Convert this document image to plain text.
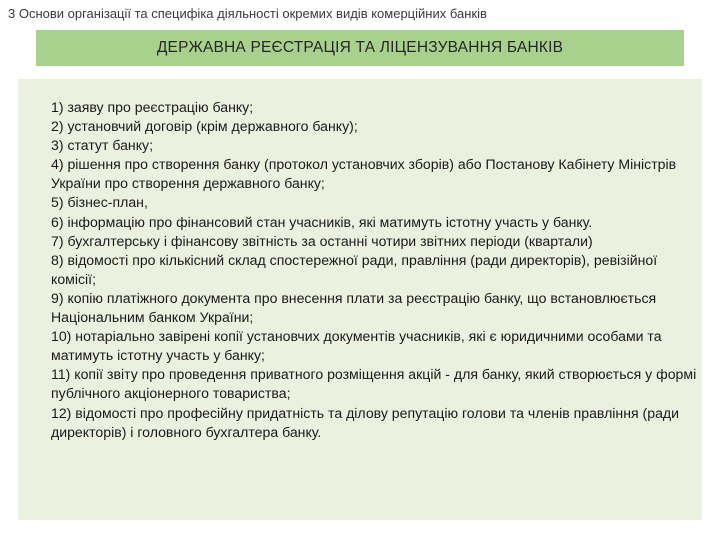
3 Основи організації та специфіка діяльності окремих видів комерційних банків
ДЕРЖАВНА РЕЄСТРАЦІЯ ТА ЛІЦЕНЗУВАННЯ БАНКІВ
1) заяву про реєстрацію банку;
2) установчий договір (крім державного банку);
3) статут банку;
4) рішення про створення банку (протокол установчих зборів) або Постанову Кабінету Міністрів України про створення державного банку;
5) бізнес-план,
6) інформацію про фінансовий стан учасників, які матимуть істотну участь у банку.
7) бухгалтерську і фінансову звітність за останні чотири звітних періоди (квартали)
8) відомості про кількісний склад спостережної ради, правління (ради директорів), ревізійної комісії;
9) копію платіжного документа про внесення плати за реєстрацію банку, що встановлюється Національним банком України;
10) нотаріально завірені копії установчих документів учасників, які є юридичними особами та матимуть істотну участь у банку;
11) копії звіту про проведення приватного розміщення акцій - для банку, який створюється у формі публічного акціонерного товариства;
12) відомості про професійну придатність та ділову репутацію голови та членів правління (ради директорів) і головного бухгалтера банку.
